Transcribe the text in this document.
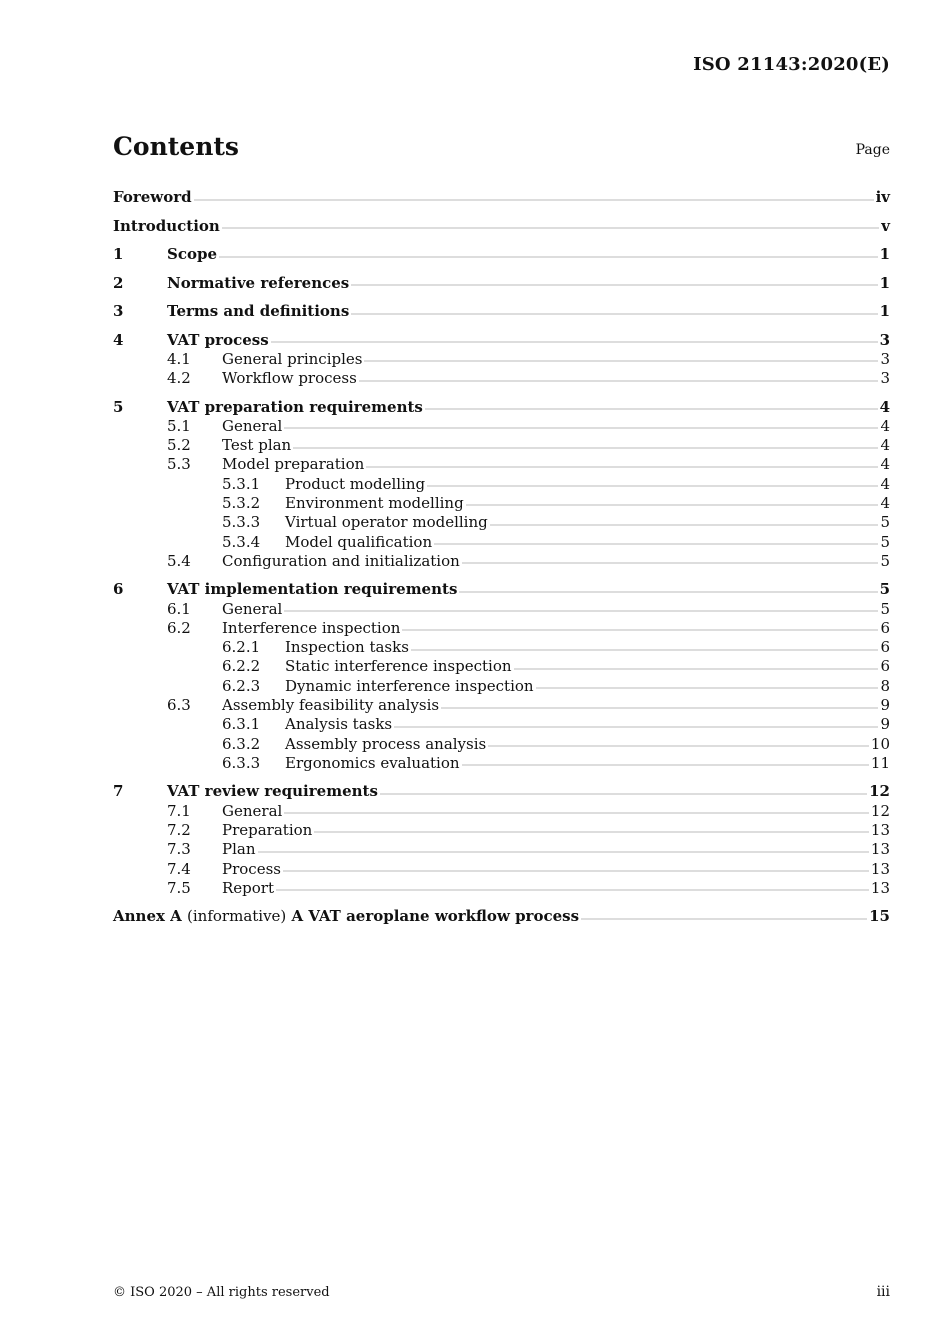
ISO 21143:2020(E)
Contents	Page
Foreword	iv
Introduction	v
1	Scope	1
2	Normative references	1
3	Terms and definitions	1
4	VAT process	3
4.1	General principles	3
4.2	Workflow process	3
5	VAT preparation requirements	4
5.1	General	4
5.2	Test plan	4
5.3	Model preparation	4
5.3.1	Product modelling	4
5.3.2	Environment modelling	4
5.3.3	Virtual operator modelling	5
5.3.4	Model qualification	5
5.4	Configuration and initialization	5
6	VAT implementation requirements	5
6.1	General	5
6.2	Interference inspection	6
6.2.1	Inspection tasks	6
6.2.2	Static interference inspection	6
6.2.3	Dynamic interference inspection	8
6.3	Assembly feasibility analysis	9
6.3.1	Analysis tasks	9
6.3.2	Assembly process analysis	10
6.3.3	Ergonomics evaluation	11
7	VAT review requirements	12
7.1	General	12
7.2	Preparation	13
7.3	Plan	13
7.4	Process	13
7.5	Report	13
Annex A (informative) A VAT aeroplane workflow process	15
© ISO 2020 – All rights reserved	iii
